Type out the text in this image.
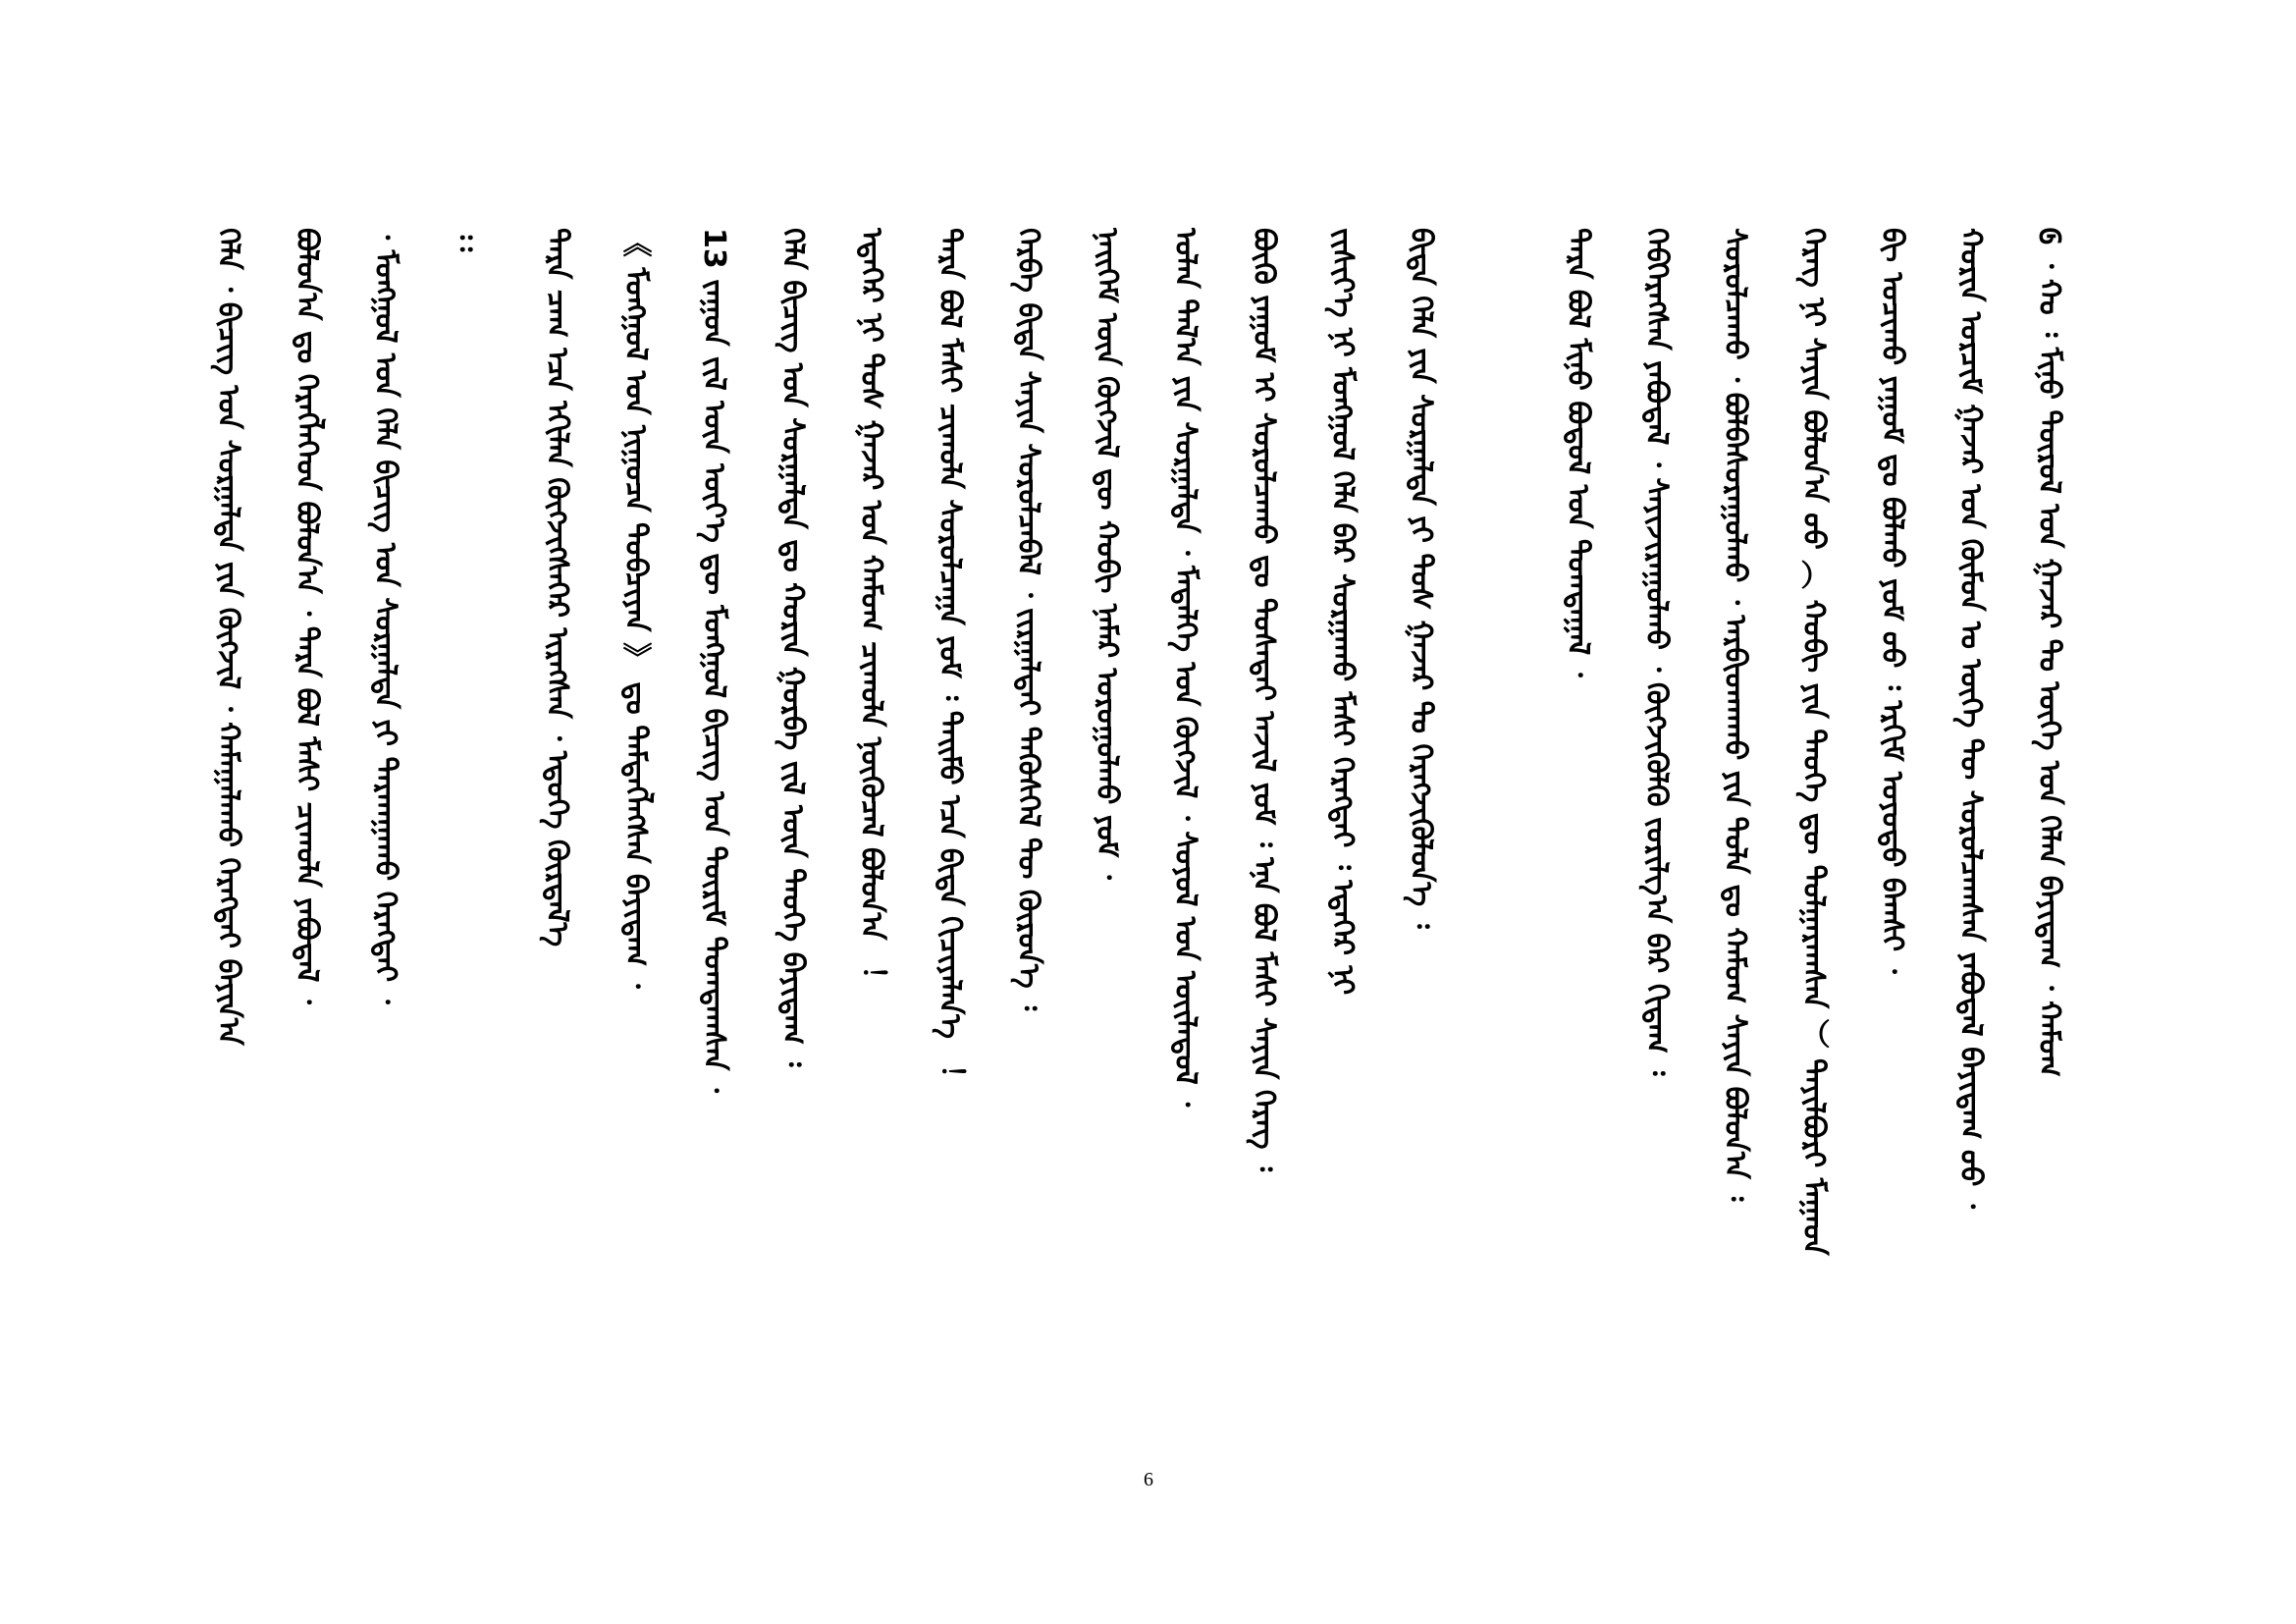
᠖ ᠂ ᠬᠤ ᠄ ᠮᠢᠨᠤ ᠲᠥᠷᠥᠯ ᠤᠨ ᠭᠠᠵᠠᠷ ᠲᠤ ᠦᠭᠡ ᠤᠨ ᠬᠡᠯᠡᠨ ᠪᠠᠶᠢᠳᠠᠭ ᠂ ᠬᠠᠮᠤᠭ
ᠬᠣᠷᠢᠨ ᠣᠷᠴᠢᠮ ᠭᠠᠵᠠᠷ ᠤᠨ ᠬᠦᠮᠦᠨ ᠤ ᠦᠭᠡ ᠲᠦ ᠰᠤᠷᠤᠯᠴᠠᠭᠰᠠᠨ ᠶᠠᠪᠤᠳᠠᠯ ᠪᠠᠶᠢᠳᠠᠭ ᠤᠤ ᠂
ᠪᠢ ᠣᠴᠢᠬᠤ ᠶᠠᠭᠤᠮ ᠳᠤ ᠪᠤᠯᠬᠤ ᠶᠤᠮ ᠤᠤ ᠄ ᠡᠷᠬᠢᠮ ᠣᠶᠤᠲᠤ ᠪᠠᠭᠰᠢ ᠂
ᠬᠡᠷᠡᠭ ᠨᠢ ᠰᠠᠶᠢᠨ ᠪᠤᠯᠤᠨ᠎ᠠ ᠤᠤ ︵ ᠬᠤᠪᠢ ᠶᠢᠨ ᠲᠡᠦᠬᠡ ᠳᠦ ᠲᠤᠯᠭᠠᠷᠠᠭᠰᠠᠨ ︶ ᠲᠠᠶᠢᠯᠪᠤᠷᠢ ᠮᠠᠭᠠᠳ
ᠰᠤᠷᠤᠯᠴᠠᠬᠤ ᠂ ᠪᠣᠯᠪᠠᠰᠤᠷᠠᠭᠤᠯᠬᠤ ᠂ ᠠᠷᠪᠢᠳᠬᠠᠬᠤ ᠶᠢᠨ ᠲᠤᠯᠠ ᠳᠤ ᠬᠠᠮᠤᠭ ᠰᠠᠶᠢᠨ ᠪᠤᠯᠤᠨ᠎ᠠ ᠄
ᠬᠡᠪᠬᠡᠷᠡᠭᠰᠡᠨ ᠶᠠᠪᠤᠳᠠᠯ ᠂ ᠰᠠᠶᠢᠵᠢᠷᠠᠭᠤᠯᠬᠤ ᠂ ᠬᠥᠭᠵᠢᠭᠦᠯᠬᠦ ᠵᠣᠷᠢᠯᠭ᠎ᠠ ᠪᠠᠷ ᠬᠢᠳᠠᠭ ᠄
ᠲᠡᠷᠡ ᠪᠣᠯ ᠮᠢᠨᠤ ᠪᠣᠳᠤᠯ ᠤᠨ ᠲᠣᠭᠲᠠᠭᠠᠯ ᠂
ᠪᠢᠳᠡ ᠬᠡᠯᠡ ᠶᠢᠨ ᠰᠤᠷᠭᠠᠯᠲᠠ ᠶᠢ ᠲᠤᠰ ᠭᠠᠵᠠᠷ ᠲᠤ ᠬᠡᠷᠡᠭᠵᠢᠭᠦᠯᠦᠨ᠎ᠡ ᠄
ᠵᠢᠰᠢᠶ᠎ᠡ ᠨᠢ ᠮᠣᠩᠭᠣᠯ ᠬᠡᠯᠡ ᠪᠡᠷ ᠰᠤᠷᠭᠠᠬᠤ ᠮᠠᠰᠢ ᠬᠡᠷᠡᠭᠲᠡᠢ ᠄ ᠡᠳᠡᠭᠡᠷ ᠨᠢ
ᠪᠦᠬᠦ ᠶᠠᠭᠤᠮ ᠢ ᠰᠤᠷᠤᠯᠴᠠᠬᠤ ᠳᠤ ᠲᠤᠰᠠᠲᠠᠢ ᠠᠵᠢᠯ ᠶᠤᠮ ᠄ ᠡᠨᠡ ᠪᠣᠯ ᠮᠠᠰᠢ ᠰᠠᠶᠢᠨ ᠬᠡᠷᠡᠭ ᠄
ᠣᠯᠠᠨ ᠲᠠᠯ᠎ᠠ ᠶᠢᠨ ᠰᠤᠷᠭᠠᠯᠲᠠ ᠂ ᠮᠡᠳᠡᠯᠭᠡ ᠤᠨ ᠬᠥᠭᠵᠢᠯ ᠂ ᠰᠣᠶᠤᠯ ᠤᠨ ᠦᠢᠯᠡᠳᠦᠯ ᠂
ᠨᠡᠢᠭᠡᠮ ᠦᠨ ᠬᠥᠭᠵᠢᠯ ᠳᠦ ᠬᠣᠪᠢ ᠨᠡᠮᠡᠷ ᠣᠷᠤᠭᠤᠯᠬᠤ ᠶᠤᠮ ᠂
ᠬᠡᠷᠪᠡ ᠪᠢᠳᠡ ᠰᠠᠶᠢᠨ ᠰᠤᠷᠤᠯᠴᠠᠪᠠᠯ ᠂ ᠵᠢᠷᠭᠠᠯᠲᠠᠢ ᠲᠡᠭᠦᠰᠬᠡᠯ ᠲᠦ ᠬᠦᠷᠦᠨ᠎ᠡ ᠄
ᠲᠡᠷᠡ ᠪᠣᠯ ᠮᠠᠰᠢ ᠴᠢᠬᠤᠯᠠ ᠰᠤᠷᠤᠯᠴᠠᠭᠠ ᠶᠤᠮ ᠄ ᠲᠡᠢᠮᠦ ᠡᠴᠡ ᠪᠢᠳᠡ ᠬᠢᠴᠢᠶᠡᠯᠡᠨ᠎ᠡ ︕
ᠡᠳᠡᠭᠡᠷ ᠨᠢ ᠲᠤᠰ ᠭᠠᠵᠠᠷ ᠤᠨ ᠬᠠᠮᠤᠭ ᠴᠢᠬᠤᠯᠠ ᠨᠥᠬᠦᠴᠡᠯ ᠪᠣᠯᠤᠨ᠎ᠠ ︕
ᠬᠡᠯᠡ ᠪᠢᠴᠢᠭ ᠤᠨ ᠰᠤᠷᠭᠠᠯᠲᠠ ᠳᠤ ᠬᠣᠷᠢᠨ ᠭᠤᠷᠪᠠ ᠵᠢᠯ ᠦᠨ ᠲᠡᠦᠬᠡ ᠪᠠᠶᠢᠳᠠᠭ ᠄
13 ᠵᠠᠭᠤᠨ ᠵᠢᠯ ᠦᠨ ᠦᠶ᠎ᠡ ᠳᠦ ᠮᠣᠩᠭᠣᠯ ᠪᠢᠴᠢᠭ ᠤᠨ ᠳᠦᠷᠢᠮ ᠲᠣᠭᠲᠠᠭᠰᠠᠨ ᠂
《 ᠮᠣᠩᠭᠣᠯ ᠤᠨ ᠨᠢᠭᠤᠴᠠ ᠲᠣᠪᠴᠢᠶᠠᠨ 》 ᠳᠤ ᠲᠡᠮᠳᠡᠭᠯᠡᠭᠰᠡᠨ ᠪᠠᠶᠢᠳᠠᠭ ᠂
ᠲᠡᠷᠡ ᠴᠠᠭ ᠡᠴᠡ ᠡᠬᠢᠯᠡᠨ ᠬᠥᠭᠵᠢᠭᠰᠡᠭᠡᠷ ᠢᠷᠡᠭᠰᠡᠨ ᠂ ᠡᠳᠦᠭᠡ ᠬᠦᠷᠲᠡᠯ᠎ᠡ
᠄᠄
᠂ ᠮᠣᠩᠭᠣᠯ ᠤᠨ ᠬᠡᠯᠡ ᠪᠢᠴᠢᠭ ᠤᠨ ᠰᠤᠷᠭᠠᠯᠲᠠ ᠶᠢ ᠲᠠᠷᠬᠠᠭᠠᠬᠤ ᠬᠡᠷᠡᠭᠲᠡᠢ ᠂
ᠪᠣᠯᠤᠨ᠎ᠠ ᠳᠤ ᠬᠡᠷᠡᠭᠯᠡᠭᠡᠳ ᠪᠣᠯᠤᠨ᠎ᠠ ᠂ ᠲᠡᠷᠡ ᠪᠣᠯ ᠮᠠᠰᠢ ᠴᠢᠬᠤᠯᠠ ᠶᠠᠪᠤᠳᠠᠯ ᠂
ᠬᠡᠯᠡ ᠂ ᠪᠢᠴᠢᠭ ᠤᠨ ᠰᠤᠷᠭᠠᠯᠲᠠ ᠶᠢᠨ ᠬᠥᠭᠵᠢᠯ ᠂ ᠬᠠᠮᠠᠭᠠᠯᠠᠬᠤ ᠬᠡᠷᠡᠭᠲᠡᠢ ᠪᠠᠶᠢᠨ᠎ᠠ
6
